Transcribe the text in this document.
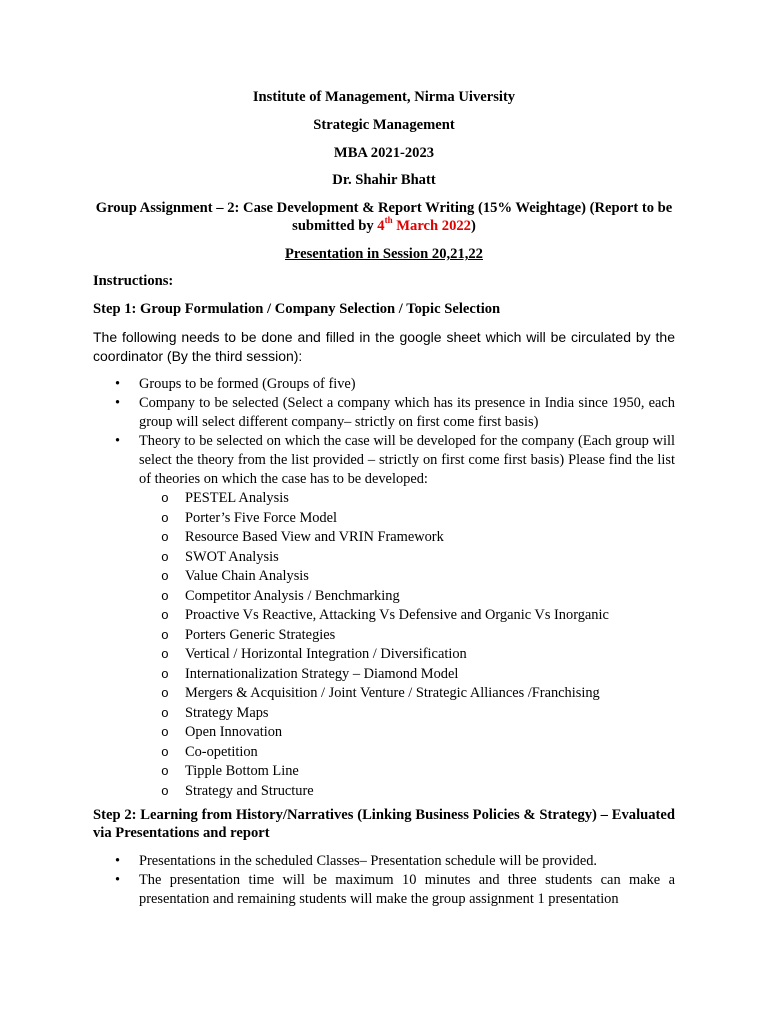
Institute of Management, Nirma Uiversity
Strategic Management
MBA 2021-2023
Dr. Shahir Bhatt
Group Assignment – 2: Case Development & Report Writing (15% Weightage) (Report to be submitted by 4th March 2022)
Presentation in Session 20,21,22
Instructions:
Step 1: Group Formulation / Company Selection / Topic Selection
The following needs to be done and filled in the google sheet which will be circulated by the coordinator (By the third session):
• Groups to be formed (Groups of five)
• Company to be selected (Select a company which has its presence in India since 1950, each group will select different company– strictly on first come first basis)
• Theory to be selected on which the case will be developed for the company (Each group will select the theory from the list provided – strictly on first come first basis) Please find the list of theories on which the case has to be developed:
o PESTEL Analysis
o Porter’s Five Force Model
o Resource Based View and VRIN Framework
o SWOT Analysis
o Value Chain Analysis
o Competitor Analysis / Benchmarking
o Proactive Vs Reactive, Attacking Vs Defensive and Organic Vs Inorganic
o Porters Generic Strategies
o Vertical / Horizontal Integration / Diversification
o Internationalization Strategy – Diamond Model
o Mergers & Acquisition / Joint Venture / Strategic Alliances /Franchising
o Strategy Maps
o Open Innovation
o Co-opetition
o Tipple Bottom Line
o Strategy and Structure
Step 2: Learning from History/Narratives (Linking Business Policies & Strategy) – Evaluated via Presentations and report
• Presentations in the scheduled Classes– Presentation schedule will be provided.
• The presentation time will be maximum 10 minutes and three students can make a presentation and remaining students will make the group assignment 1 presentation
